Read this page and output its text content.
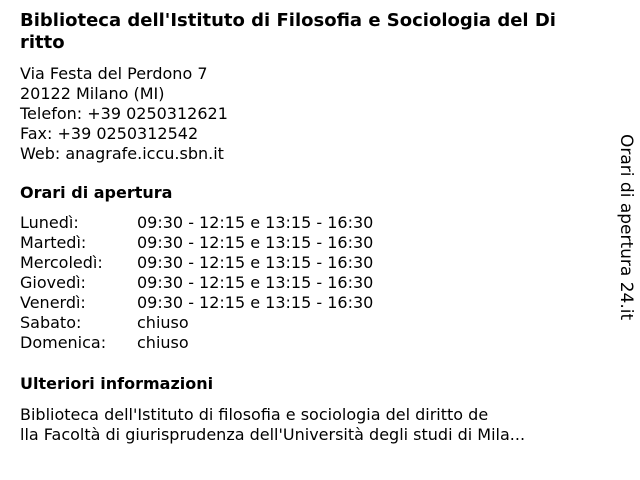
Biblioteca dell'Istituto di Filosofia e Sociologia del Di
ritto
Via Festa del Perdono 7
20122 Milano (MI)
Telefon: +39 0250312621
Fax: +39 0250312542
Web: anagrafe.iccu.sbn.it
Orari di apertura
Lunedì:	09:30 - 12:15 e 13:15 - 16:30
Martedì:	09:30 - 12:15 e 13:15 - 16:30
Mercoledì: 09:30 - 12:15 e 13:15 - 16:30
Giovedì:	09:30 - 12:15 e 13:15 - 16:30
Venerdì:	09:30 - 12:15 e 13:15 - 16:30
Sabato:	chiuso
Domenica: chiuso
Ulteriori informazioni
Biblioteca dell'Istituto di filosofia e sociologia del diritto de
lla Facoltà di giurisprudenza dell'Università degli studi di Mila...
Orari di apertura 24.it
